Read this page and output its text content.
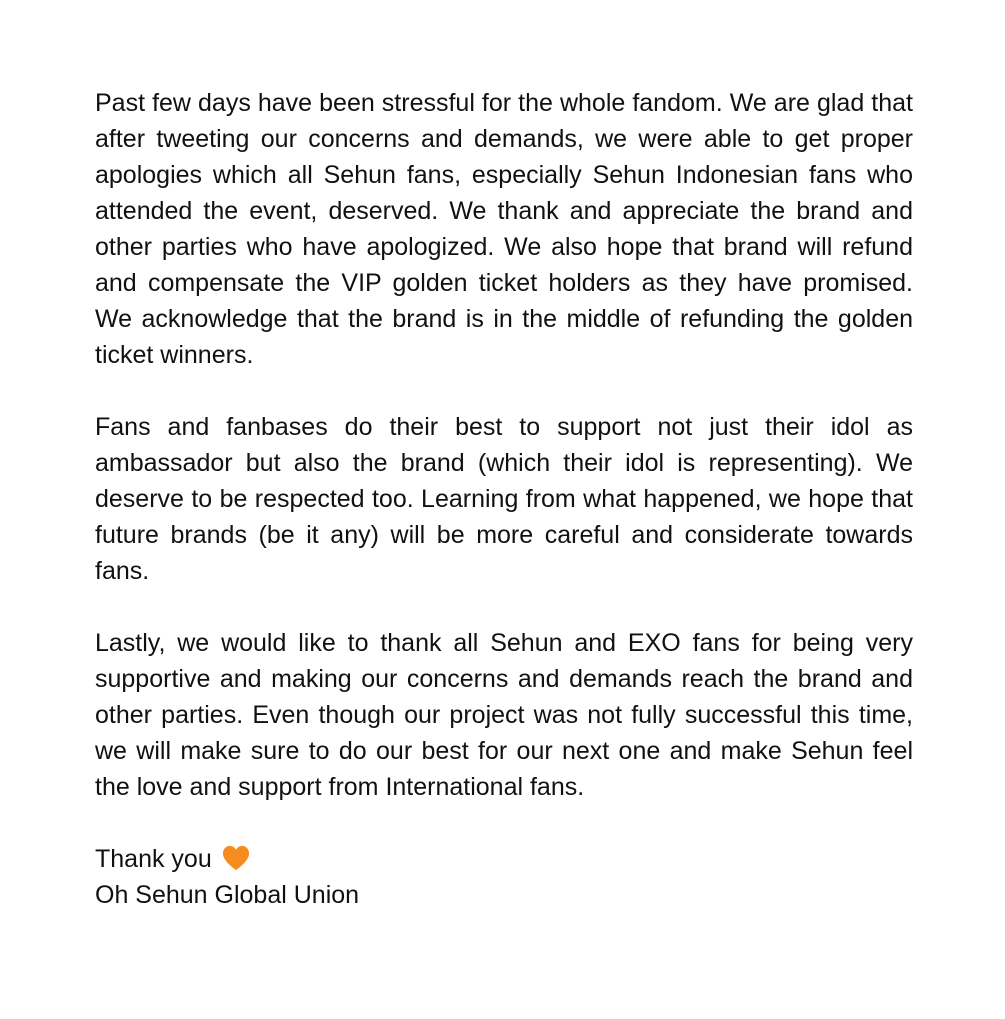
Past few days have been stressful for the whole fandom. We are glad that after tweeting our concerns and demands, we were able to get proper apologies which all Sehun fans, especially Sehun Indonesian fans who attended the event, deserved. We thank and appreciate the brand and other parties who have apologized. We also hope that brand will refund and compensate the VIP golden ticket holders as they have promised. We acknowledge that the brand is in the middle of refunding the golden ticket winners.

Fans and fanbases do their best to support not just their idol as ambassador but also the brand (which their idol is representing). We deserve to be respected too. Learning from what happened, we hope that future brands (be it any) will be more careful and considerate towards fans.

Lastly, we would like to thank all Sehun and EXO fans for being very supportive and making our concerns and demands reach the brand and other parties. Even though our project was not fully successful this time, we will make sure to do our best for our next one and make Sehun feel the love and support from International fans.

Thank you
Oh Sehun Global Union
